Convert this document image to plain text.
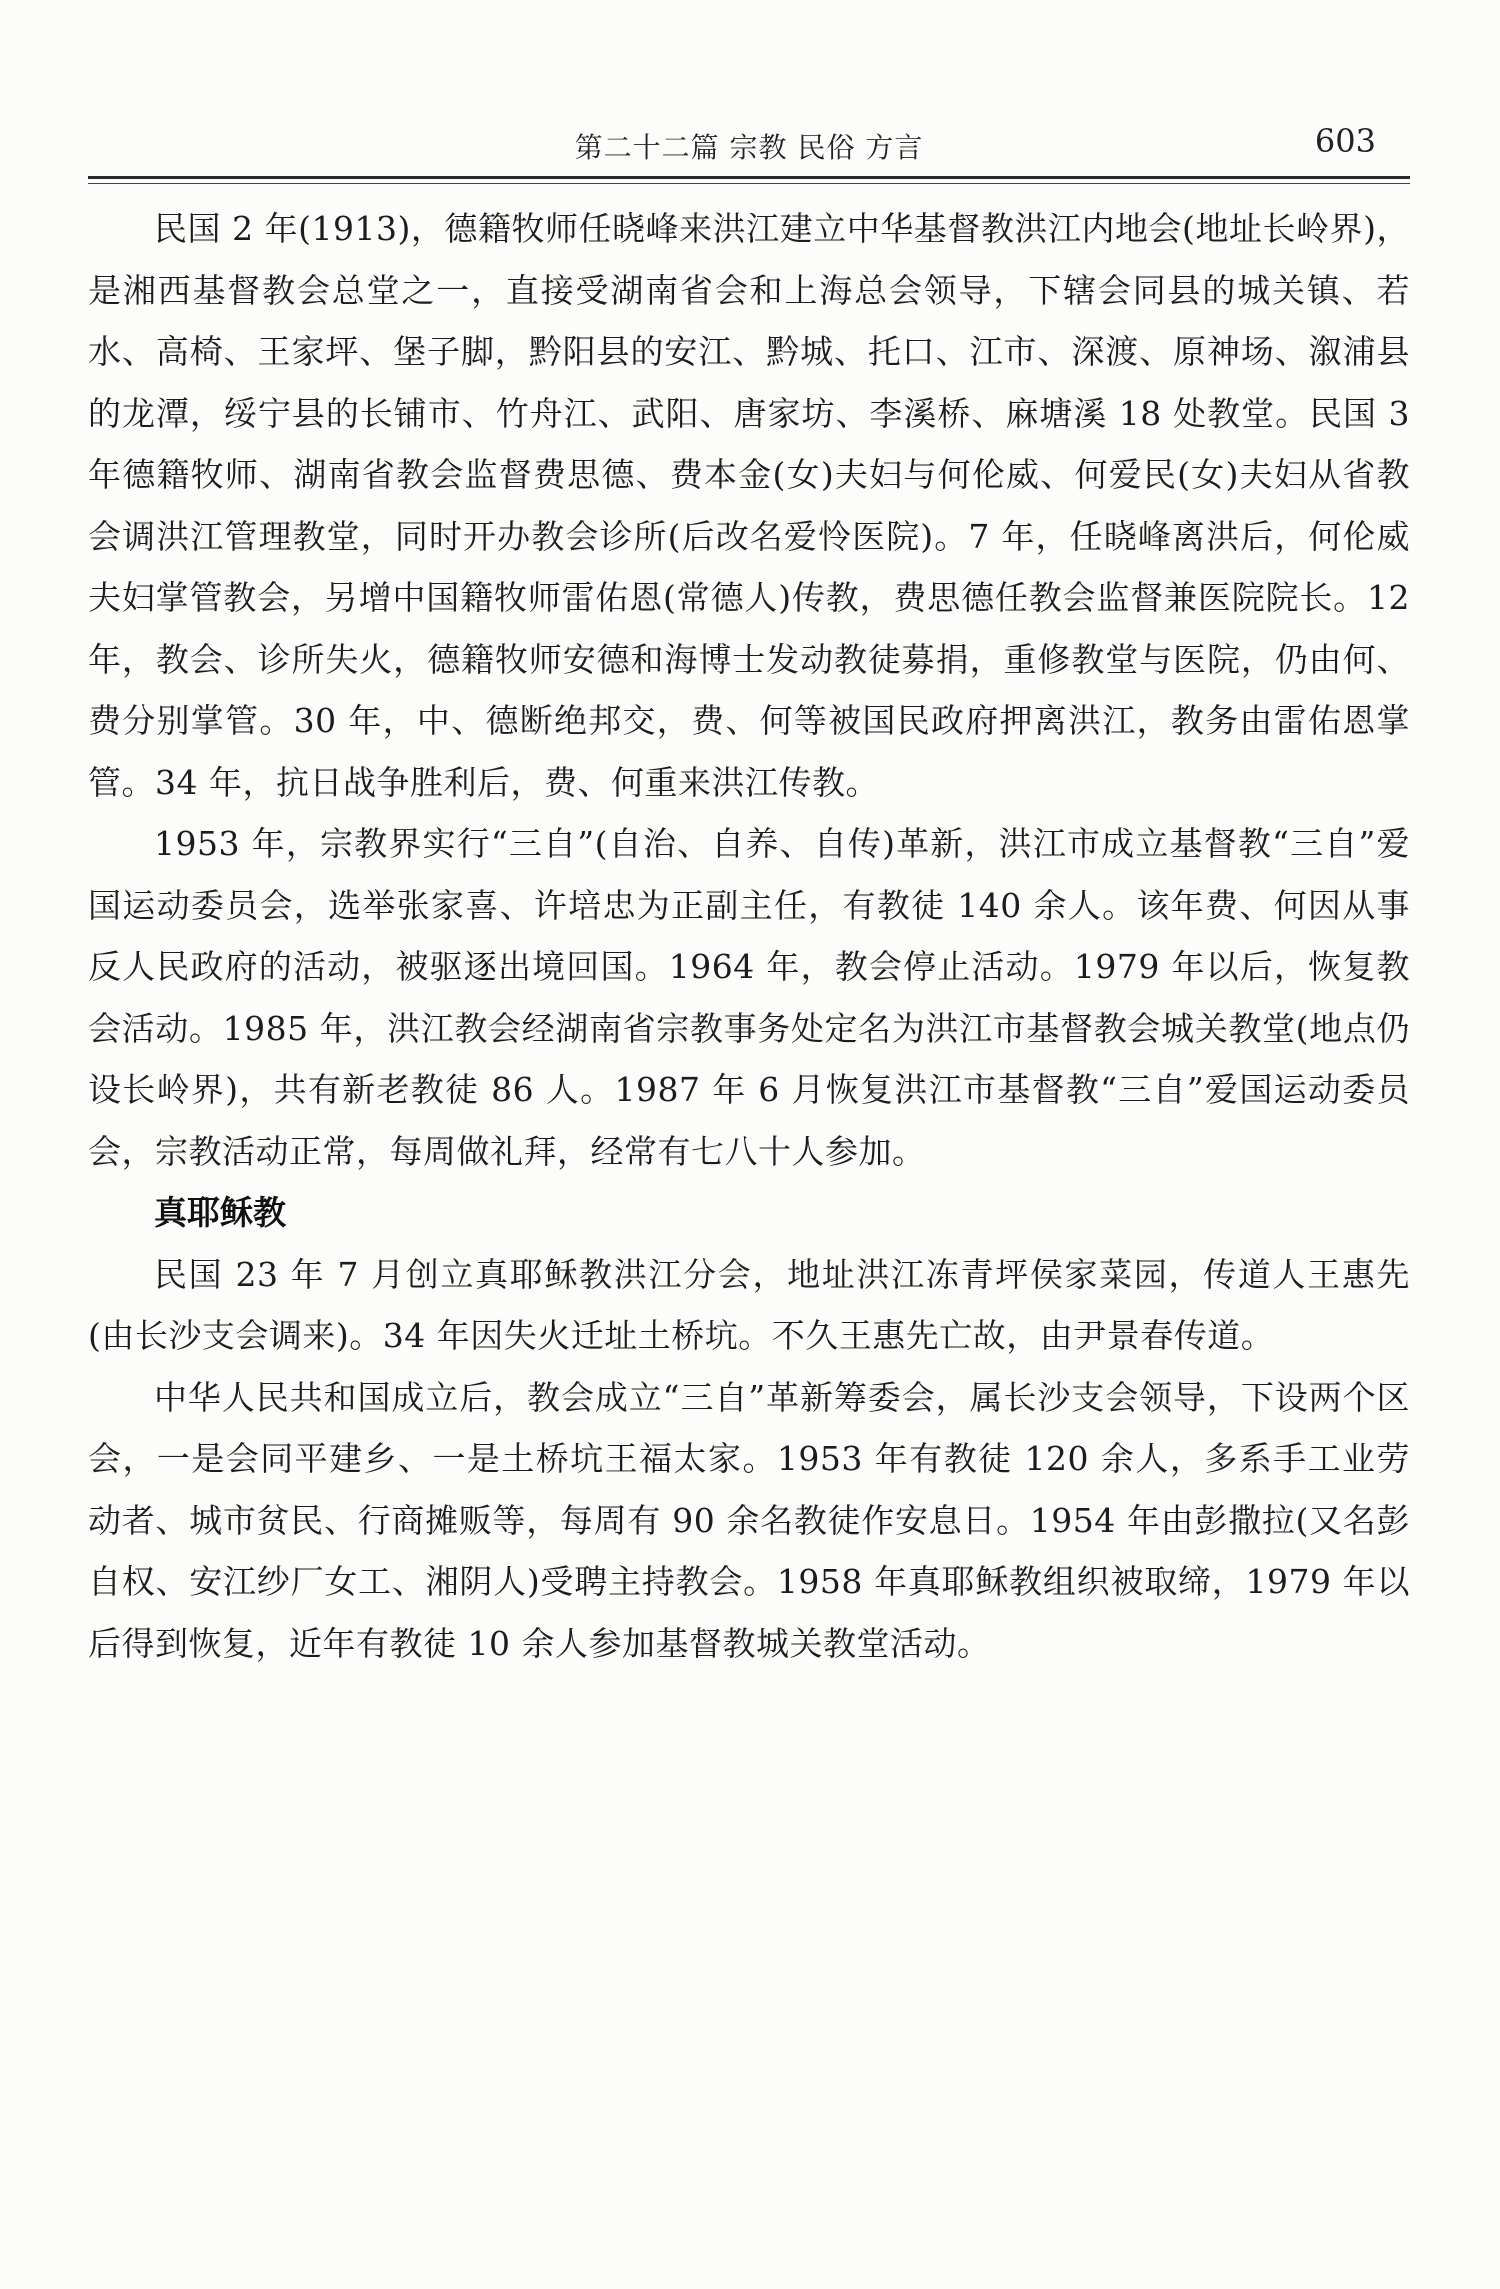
第二十二篇 宗教 民俗 方言	603

民国 2 年(1913)，德籍牧师任晓峰来洪江建立中华基督教洪江内地会(地址长岭界)，是湘西基督教会总堂之一，直接受湖南省会和上海总会领导，下辖会同县的城关镇、若水、高椅、王家坪、堡子脚，黔阳县的安江、黔城、托口、江市、深渡、原神场、溆浦县的龙潭，绥宁县的长铺市、竹舟江、武阳、唐家坊、李溪桥、麻塘溪 18 处教堂。民国 3 年德籍牧师、湖南省教会监督费思德、费本金(女)夫妇与何伦威、何爱民(女)夫妇从省教会调洪江管理教堂，同时开办教会诊所(后改名爱怜医院)。7 年，任晓峰离洪后，何伦威夫妇掌管教会，另增中国籍牧师雷佑恩(常德人)传教，费思德任教会监督兼医院院长。12 年，教会、诊所失火，德籍牧师安德和海博士发动教徒募捐，重修教堂与医院，仍由何、费分别掌管。30 年，中、德断绝邦交，费、何等被国民政府押离洪江，教务由雷佑恩掌管。34 年，抗日战争胜利后，费、何重来洪江传教。

1953 年，宗教界实行“三自”(自治、自养、自传)革新，洪江市成立基督教“三自”爱国运动委员会，选举张家喜、许培忠为正副主任，有教徒 140 余人。该年费、何因从事反人民政府的活动，被驱逐出境回国。1964 年，教会停止活动。1979 年以后，恢复教会活动。1985 年，洪江教会经湖南省宗教事务处定名为洪江市基督教会城关教堂(地点仍设长岭界)，共有新老教徒 86 人。1987 年 6 月恢复洪江市基督教“三自”爱国运动委员会，宗教活动正常，每周做礼拜，经常有七八十人参加。

真耶稣教

民国 23 年 7 月创立真耶稣教洪江分会，地址洪江冻青坪侯家菜园，传道人王惠先(由长沙支会调来)。34 年因失火迁址土桥坑。不久王惠先亡故，由尹景春传道。

中华人民共和国成立后，教会成立“三自”革新筹委会，属长沙支会领导，下设两个区会，一是会同平建乡、一是土桥坑王福太家。1953 年有教徒 120 余人，多系手工业劳动者、城市贫民、行商摊贩等，每周有 90 余名教徒作安息日。1954 年由彭撒拉(又名彭自权、安江纱厂女工、湘阴人)受聘主持教会。1958 年真耶稣教组织被取缔，1979 年以后得到恢复，近年有教徒 10 余人参加基督教城关教堂活动。
